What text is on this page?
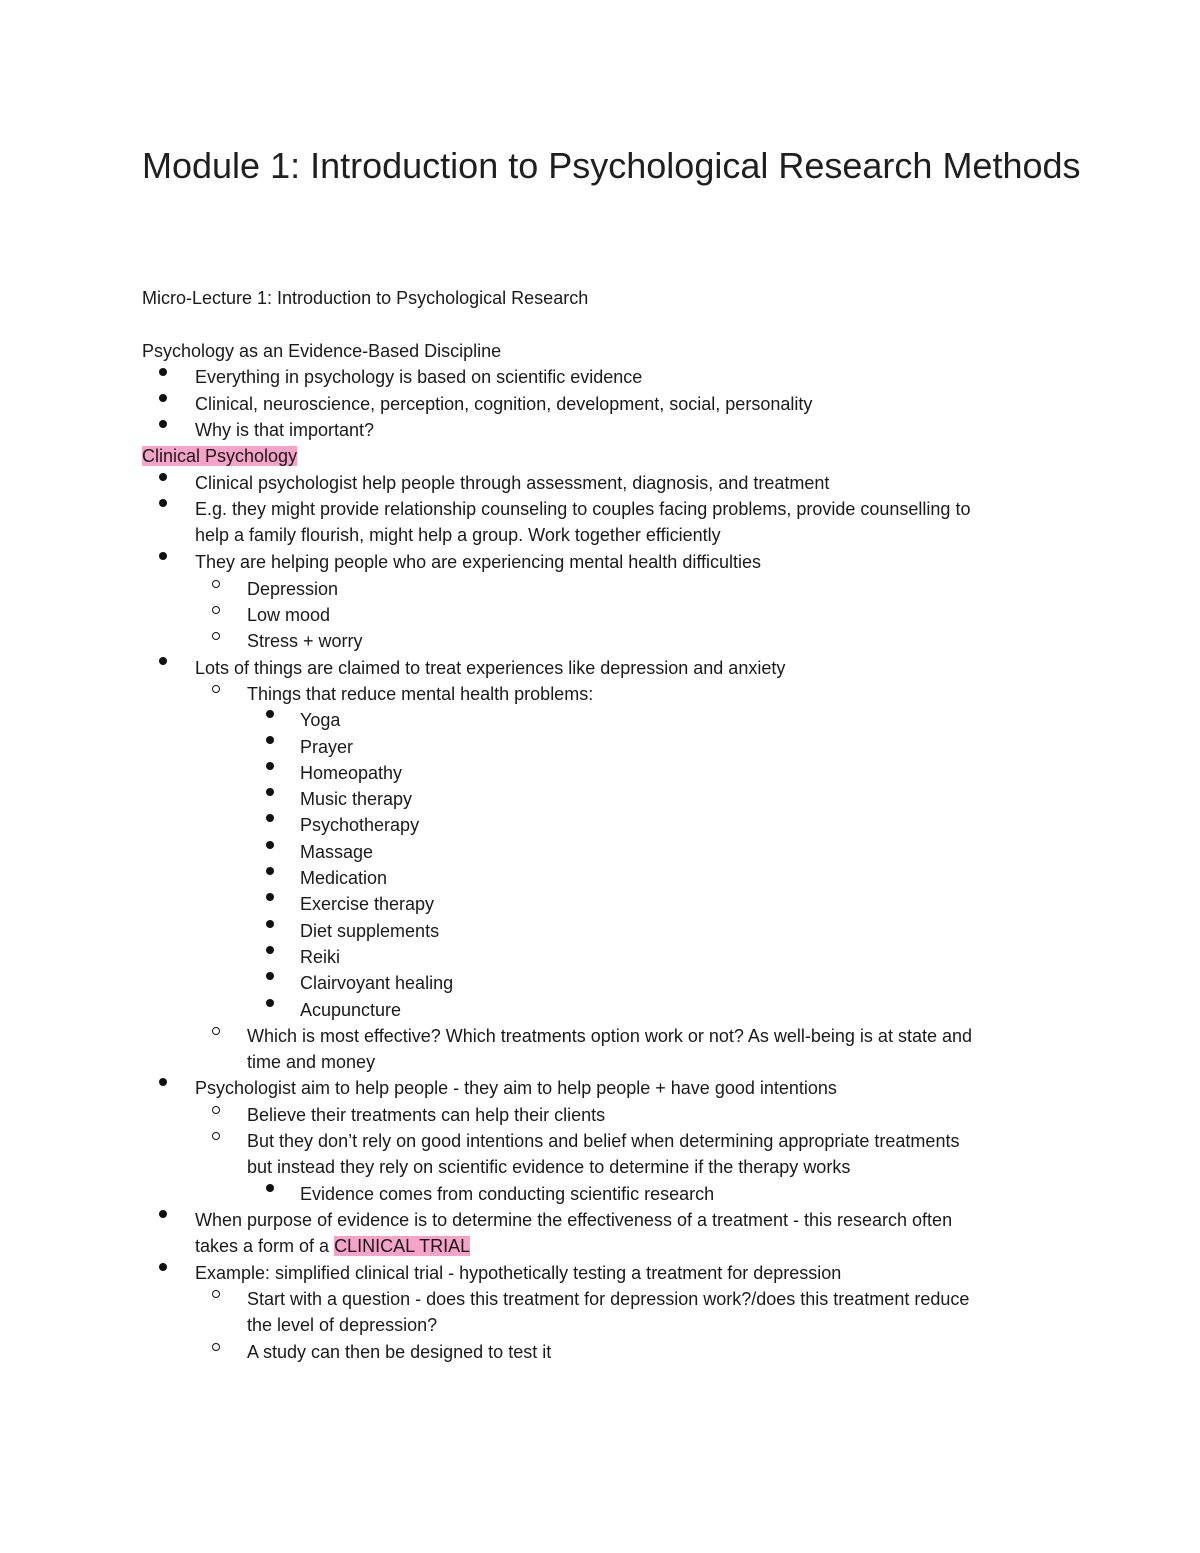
Module 1: Introduction to Psychological Research Methods
Micro-Lecture 1: Introduction to Psychological Research
Psychology as an Evidence-Based Discipline
Everything in psychology is based on scientific evidence
Clinical, neuroscience, perception, cognition, development, social, personality
Why is that important?
Clinical Psychology
Clinical psychologist help people through assessment, diagnosis, and treatment
E.g. they might provide relationship counseling to couples facing problems, provide counselling to
help a family flourish, might help a group. Work together efficiently
They are helping people who are experiencing mental health difficulties
Depression
Low mood
Stress + worry
Lots of things are claimed to treat experiences like depression and anxiety
Things that reduce mental health problems:
Yoga
Prayer
Homeopathy
Music therapy
Psychotherapy
Massage
Medication
Exercise therapy
Diet supplements
Reiki
Clairvoyant healing
Acupuncture
Which is most effective? Which treatments option work or not? As well-being is at state and
time and money
Psychologist aim to help people - they aim to help people + have good intentions
Believe their treatments can help their clients
But they don’t rely on good intentions and belief when determining appropriate treatments
but instead they rely on scientific evidence to determine if the therapy works
Evidence comes from conducting scientific research
When purpose of evidence is to determine the effectiveness of a treatment - this research often
takes a form of a CLINICAL TRIAL
Example: simplified clinical trial - hypothetically testing a treatment for depression
Start with a question - does this treatment for depression work?/does this treatment reduce
the level of depression?
A study can then be designed to test it
